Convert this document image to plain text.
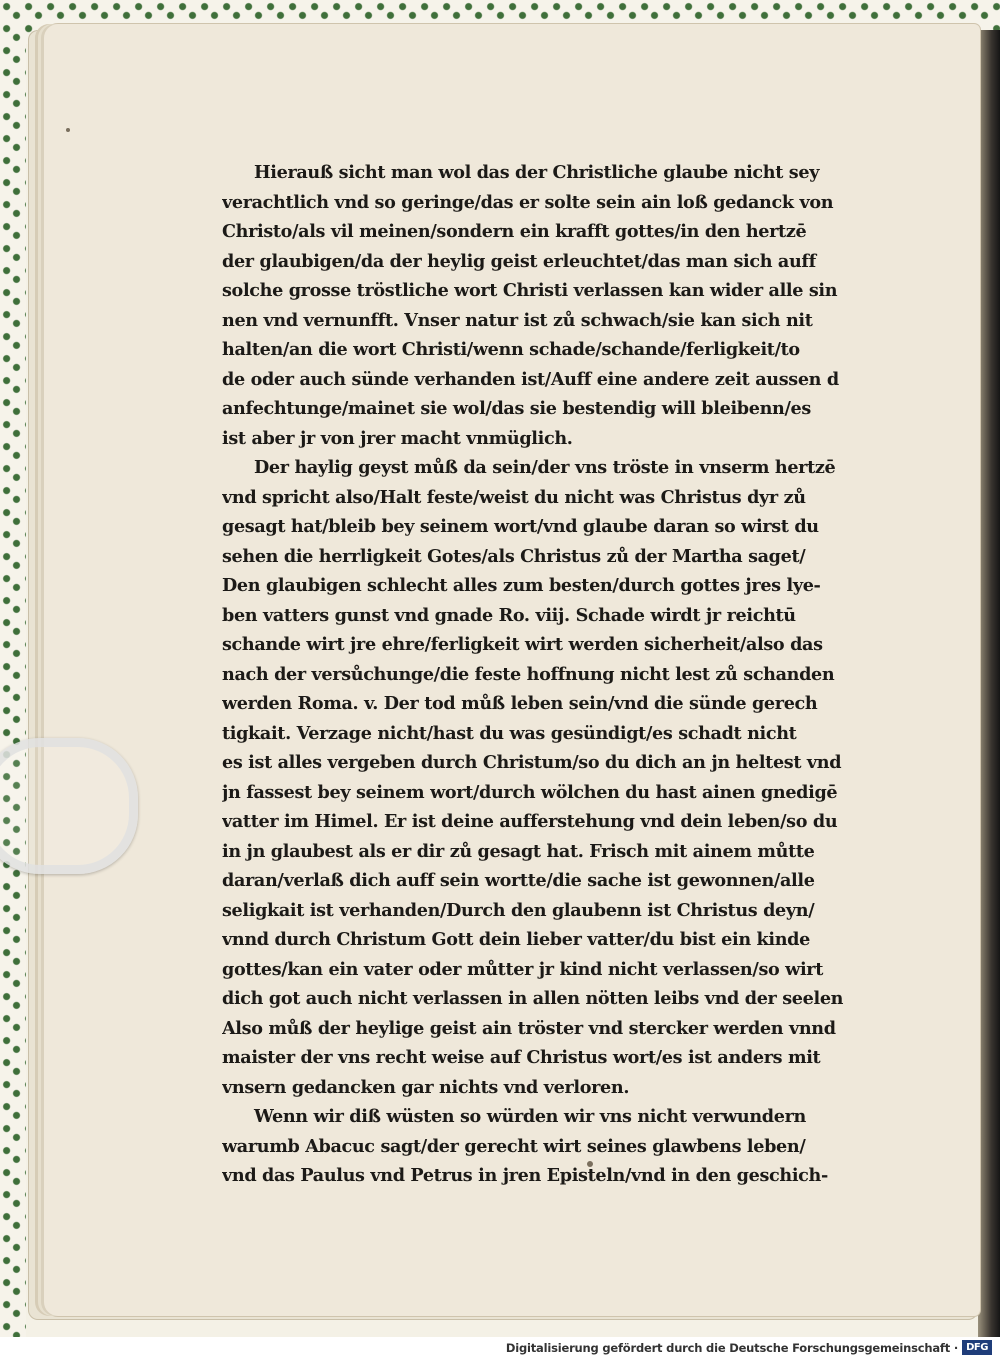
Hierauß sicht man wol das der Christliche glaube nicht sey
verachtlich vnd so geringe/das er solte sein ain loß gedanck von
Christo/als vil meinen/sondern ein krafft gottes/in den hertzē
der glaubigen/da der heylig geist erleuchtet/das man sich auff
solche grosse tröstliche wort Christi verlassen kan wider alle sin
nen vnd vernunfft. Vnser natur ist zů schwach/sie kan sich nit
halten/an die wort Christi/wenn schade/schande/ferligkeit/to
de oder auch sünde verhanden ist/Auff eine andere zeit aussen d
anfechtunge/mainet sie wol/das sie bestendig will bleibenn/es
ist aber jr von jrer macht vnmüglich.
Der haylig geyst můß da sein/der vns tröste in vnserm hertzē
vnd spricht also/Halt feste/weist du nicht was Christus dyr zů
gesagt hat/bleib bey seinem wort/vnd glaube daran so wirst du
sehen die herrligkeit Gotes/als Christus zů der Martha saget/
Den glaubigen schlecht alles zum besten/durch gottes jres lye-
ben vatters gunst vnd gnade Ro. viij. Schade wirdt jr reichtū
schande wirt jre ehre/ferligkeit wirt werden sicherheit/also das
nach der versůchunge/die feste hoffnung nicht lest zů schanden
werden Roma. v. Der tod můß leben sein/vnd die sünde gerech
tigkait. Verzage nicht/hast du was gesündigt/es schadt nicht
es ist alles vergeben durch Christum/so du dich an jn heltest vnd
jn fassest bey seinem wort/durch wölchen du hast ainen gnedigē
vatter im Himel. Er ist deine aufferstehung vnd dein leben/so du
in jn glaubest als er dir zů gesagt hat. Frisch mit ainem můtte
daran/verlaß dich auff sein wortte/die sache ist gewonnen/alle
seligkait ist verhanden/Durch den glaubenn ist Christus deyn/
vnnd durch Christum Gott dein lieber vatter/du bist ein kinde
gottes/kan ein vater oder můtter jr kind nicht verlassen/so wirt
dich got auch nicht verlassen in allen nötten leibs vnd der seelen
Also můß der heylige geist ain tröster vnd stercker werden vnnd
maister der vns recht weise auf Christus wort/es ist anders mit
vnsern gedancken gar nichts vnd verloren.
Wenn wir diß wüsten so würden wir vns nicht verwundern
warumb Abacuc sagt/der gerecht wirt seines glawbens leben/
vnd das Paulus vnd Petrus in jren Episteln/vnd in den geschich-
Digitalisierung gefördert durch die Deutsche Forschungsgemeinschaft · DFG
